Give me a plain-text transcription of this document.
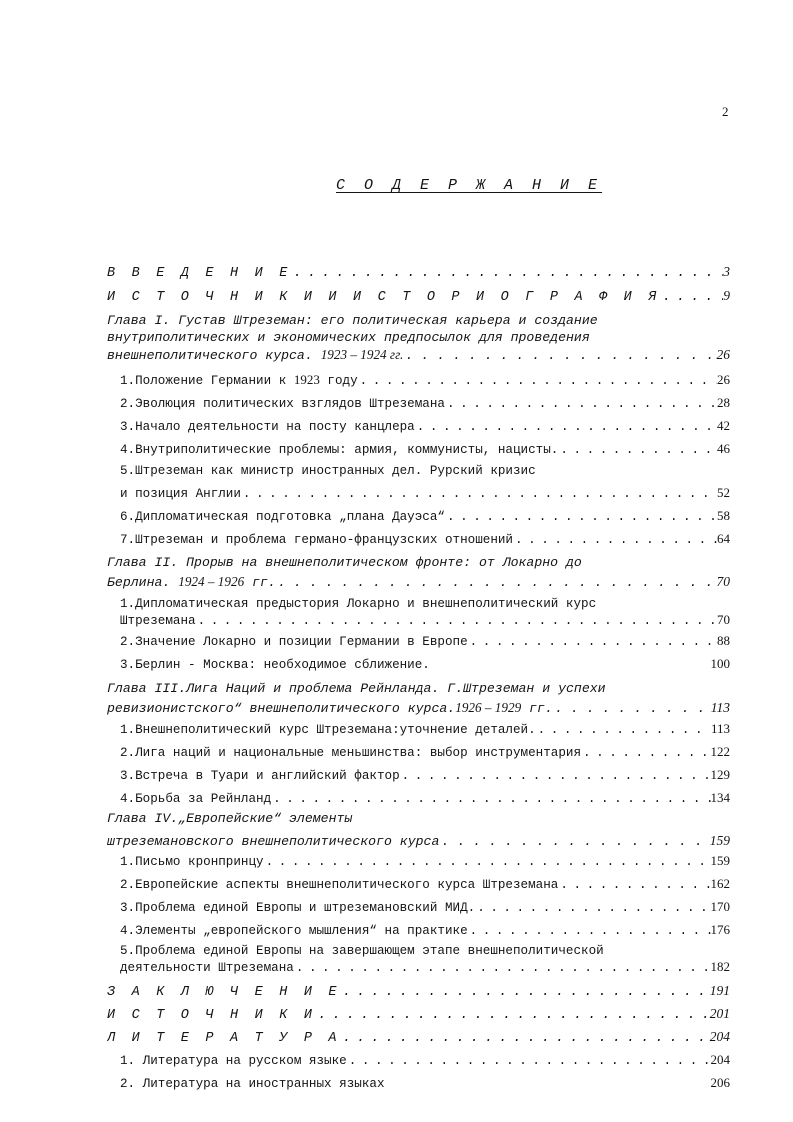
2
С О Д Е Р Ж А Н И Е
В В Е Д Е Н И Е . . .	3
И С Т О Ч Н И К И И И С Т О Р И О Г Р А Ф И Я . . .	9
Глава I. Густав Штреземан: его политическая карьера и создание
внутриполитических и экономических предпосылок для проведения
внешнеполитического курса. 1923 – 1924 гг. . . .	26
1.Положение Германии к 1923 году . . .	26
2.Эволюция политических взглядов Штреземана . . .	28
3.Начало деятельности на посту канцлера . . .	42
4.Внутриполитические проблемы: армия, коммунисты, нацисты. . . .	46
5.Штреземан как министр иностранных дел. Рурский кризис
и позиция Англии . . .	52
6.Дипломатическая подготовка „плана Дауэса“ . . .	58
7.Штреземан и проблема германо-французских отношений . . .	64
Глава II. Прорыв на внешнеполитическом фронте: от Локарно до
Берлина. 1924 – 1926 гг. . . .	70
1.Дипломатическая предыстория Локарно и внешнеполитический курс
Штреземана . . .	70
2.Значение Локарно и позиции Германии в Европе . . .	88
3.Берлин - Москва: необходимое сближение.	100
Глава III.Лига Наций и проблема Рейнланда. Г.Штреземан и успехи
ревизионистского“ внешнеполитического курса.1926 – 1929 гг. . . .	113
1.Внешнеполитический курс Штреземана:уточнение деталей. . . .	113
2.Лига наций и национальные меньшинства: выбор инструментария . . .	122
3.Встреча в Туари и английский фактор . . .	129
4.Борьба за Рейнланд . . .	134
Глава IV.„Европейские“ элементы
штреземановского внешнеполитического курса . . .	159
1.Письмо кронпринцу . . .	159
2.Европейские аспекты внешнеполитического курса Штреземана . . .	162
3.Проблема единой Европы и штреземановский МИД. . . .	170
4.Элементы „европейского мышления“ на практике . . .	176
5.Проблема единой Европы на завершающем этапе внешнеполитической
деятельности Штреземана . . .	182
З А К Л Ю Ч Е Н И Е . . .	191
И С Т О Ч Н И К И . . .	201
Л И Т Е Р А Т У Р А . . .	204
1. Литература на русском языке . . .	204
2. Литература на иностранных языках	206
